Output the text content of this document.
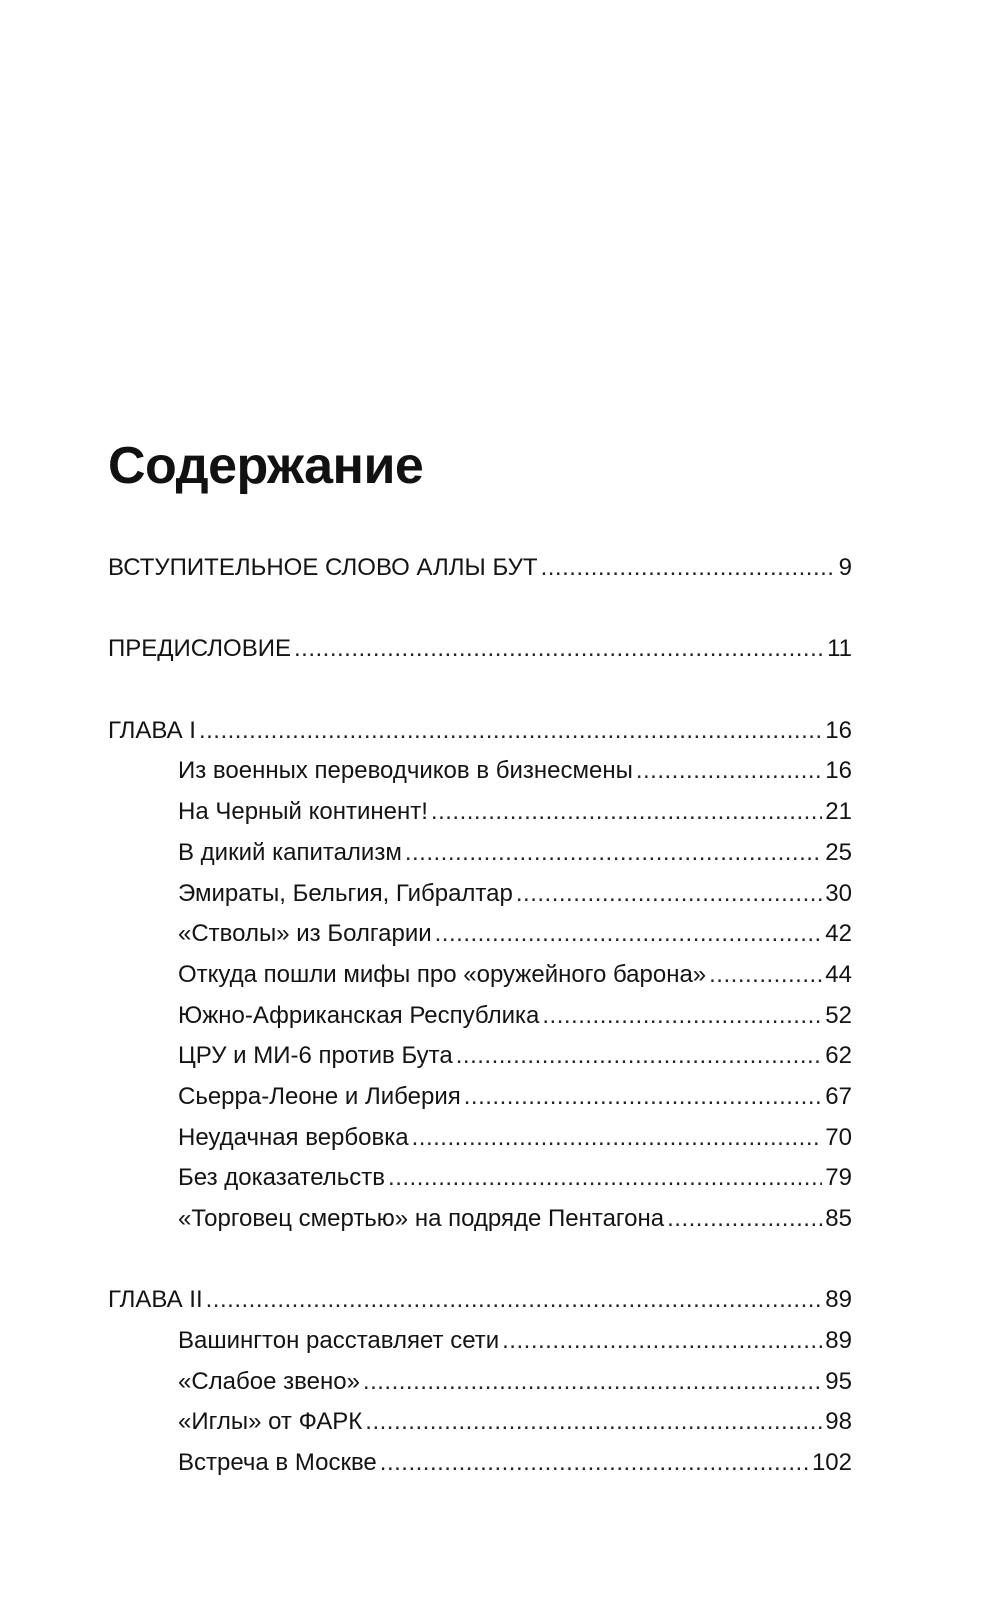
Содержание
ВСТУПИТЕЛЬНОЕ СЛОВО АЛЛЫ БУТ .....	9
ПРЕДИСЛОВИЕ .....	11
ГЛАВА I .....	16
Из военных переводчиков в бизнесмены .....	16
На Черный континент! .....	21
В дикий капитализм .....	25
Эмираты, Бельгия, Гибралтар .....	30
«Стволы» из Болгарии .....	42
Откуда пошли мифы про «оружейного барона» .....	44
Южно-Африканская Республика .....	52
ЦРУ и МИ-6 против Бута .....	62
Сьерра-Леоне и Либерия .....	67
Неудачная вербовка .....	70
Без доказательств .....	79
«Торговец смертью» на подряде Пентагона .....	85
ГЛАВА II .....	89
Вашингтон расставляет сети .....	89
«Слабое звено» .....	95
«Иглы» от ФАРК .....	98
Встреча в Москве .....	102
